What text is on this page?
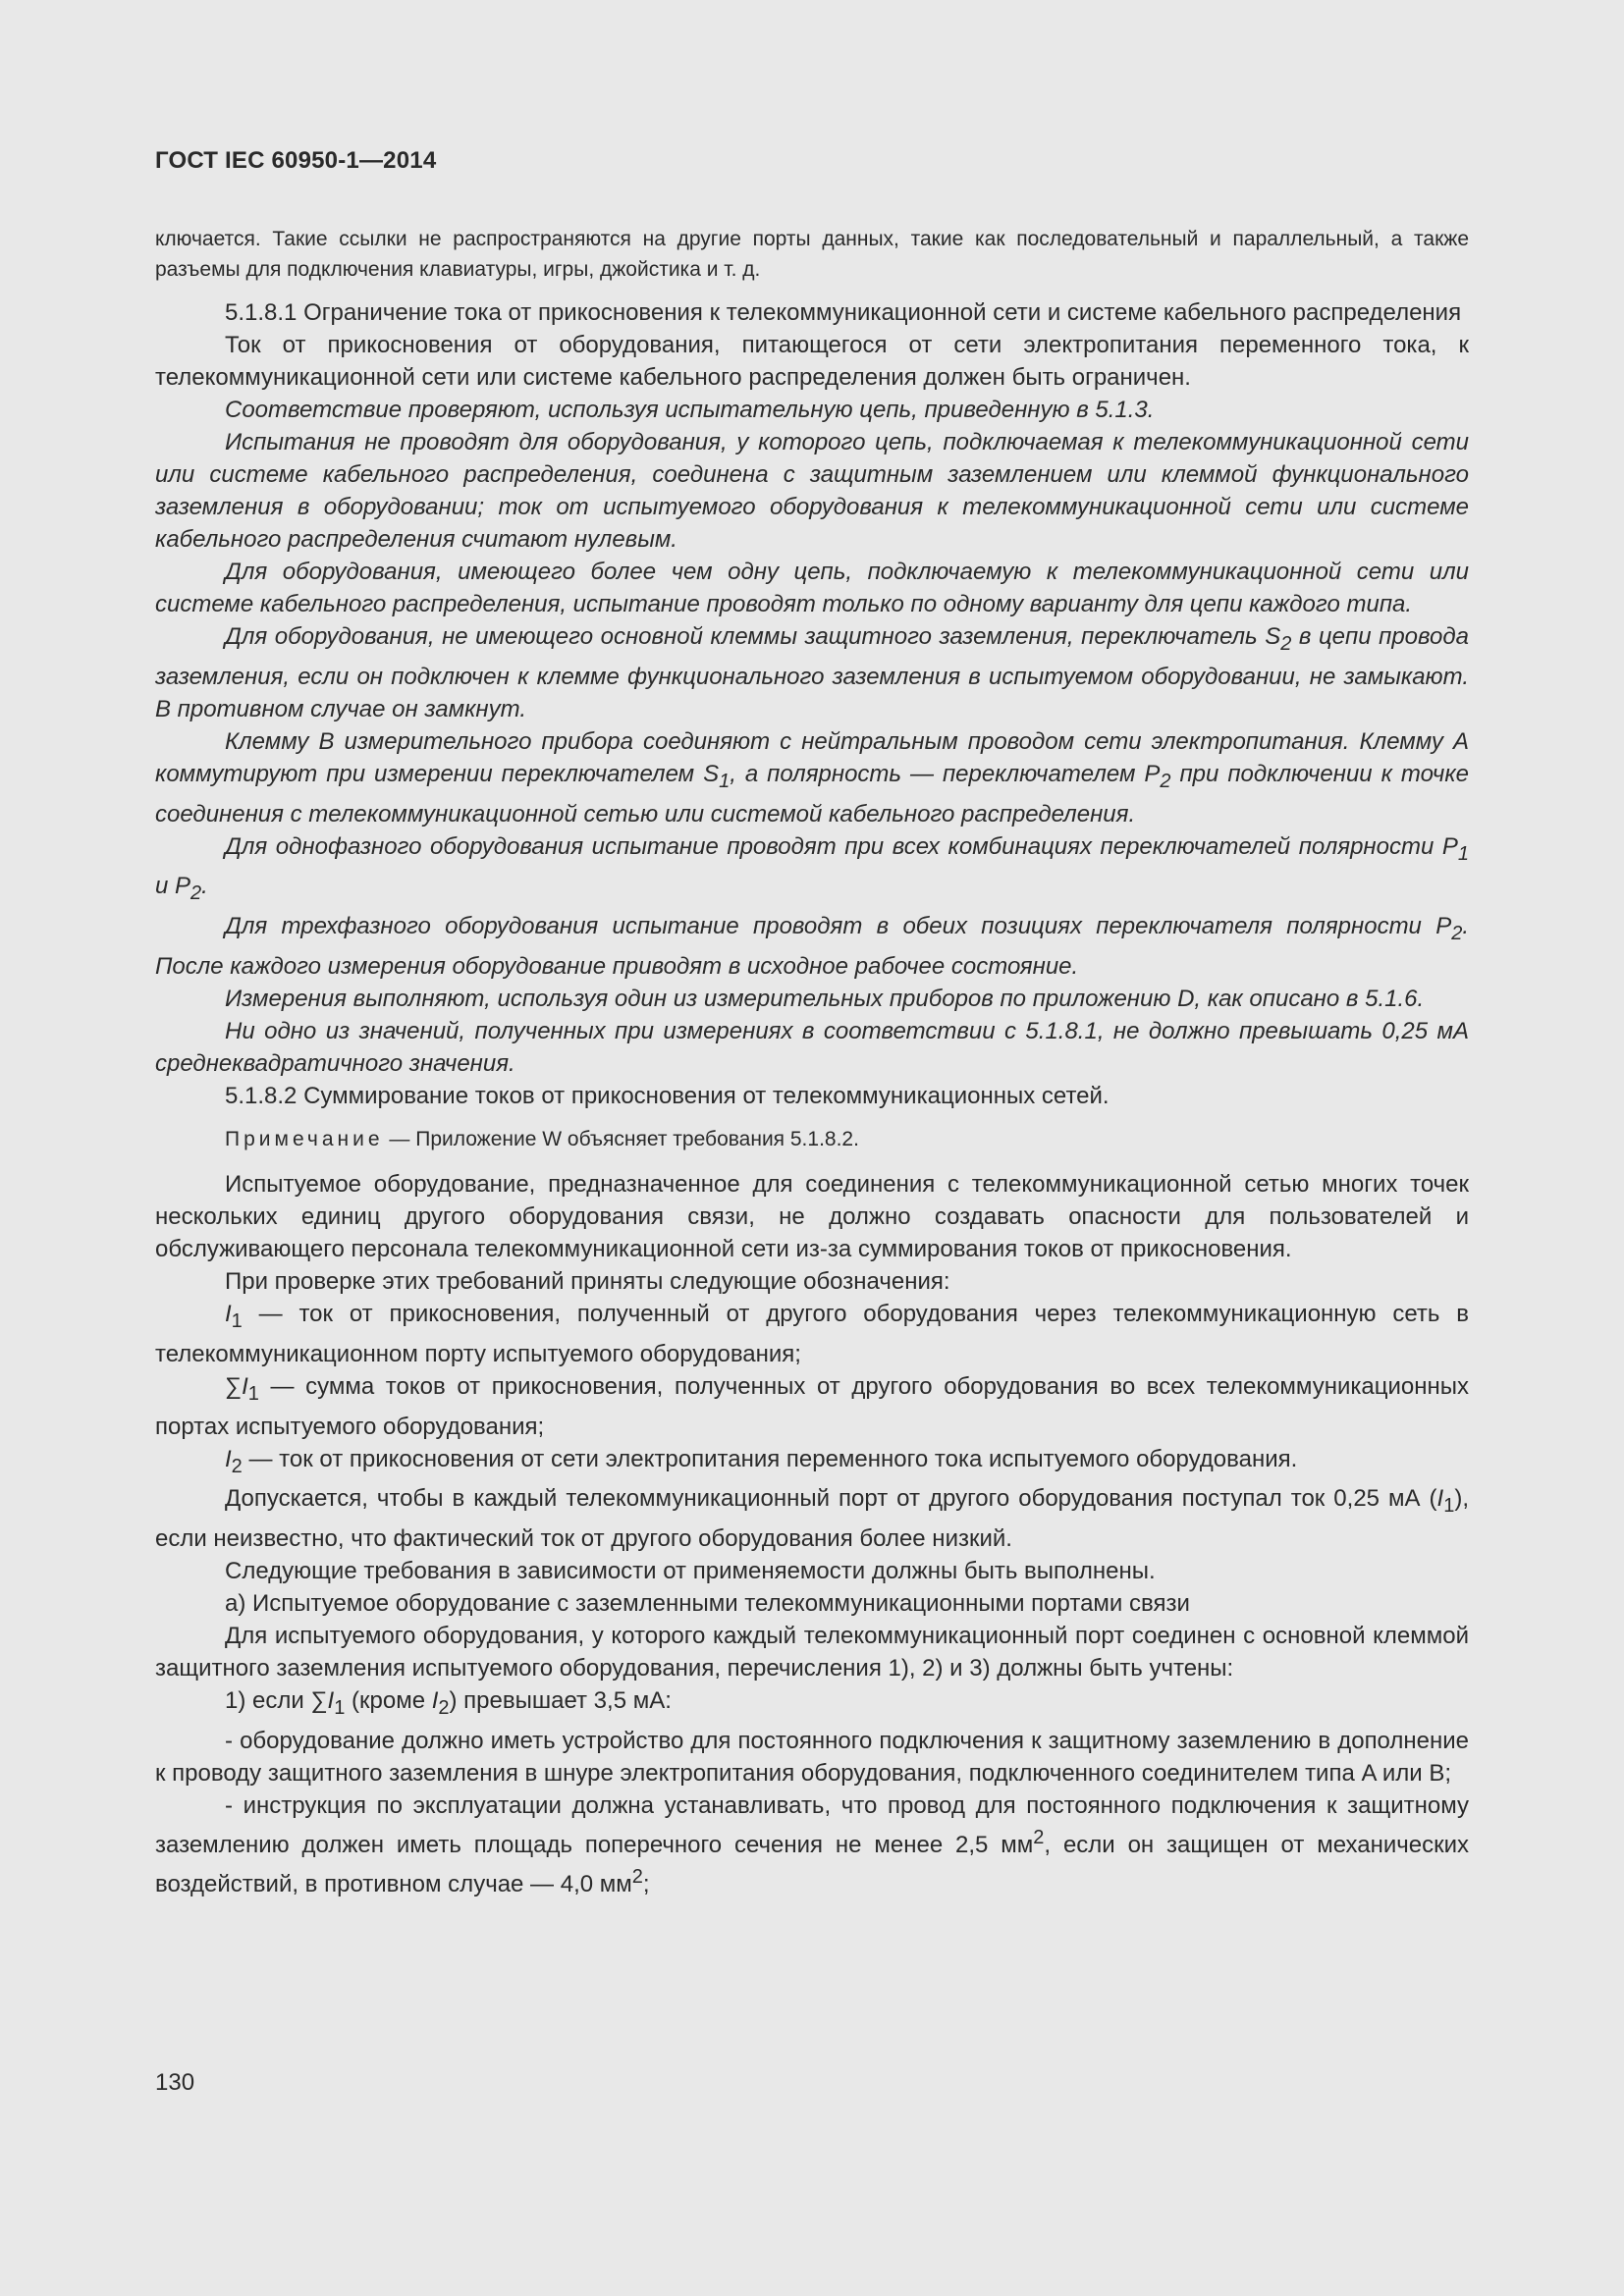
ГОСТ IEC 60950-1—2014

ключается. Такие ссылки не распространяются на другие порты данных, такие как последовательный и параллельный, а также разъемы для подключения клавиатуры, игры, джойстика и т. д.

5.1.8.1 Ограничение тока от прикосновения к телекоммуникационной сети и системе кабельного распределения

Ток от прикосновения от оборудования, питающегося от сети электропитания переменного тока, к телекоммуникационной сети или системе кабельного распределения должен быть ограничен.

Соответствие проверяют, используя испытательную цепь, приведенную в 5.1.3.

Испытания не проводят для оборудования, у которого цепь, подключаемая к телекоммуникационной сети или системе кабельного распределения, соединена с защитным заземлением или клеммой функционального заземления в оборудовании; ток от испытуемого оборудования к телекоммуникационной сети или системе кабельного распределения считают нулевым.

Для оборудования, имеющего более чем одну цепь, подключаемую к телекоммуникационной сети или системе кабельного распределения, испытание проводят только по одному варианту для цепи каждого типа.

Для оборудования, не имеющего основной клеммы защитного заземления, переключатель $S_2$ в цепи провода заземления, если он подключен к клемме функционального заземления в испытуемом оборудовании, не замыкают. В противном случае он замкнут.

Клемму B измерительного прибора соединяют с нейтральным проводом сети электропитания. Клемму A коммутируют при измерении переключателем $S_1$, а полярность — переключателем $P_2$ при подключении к точке соединения с телекоммуникационной сетью или системой кабельного распределения.

Для однофазного оборудования испытание проводят при всех комбинациях переключателей полярности $P_1$ и $P_2$.

Для трехфазного оборудования испытание проводят в обеих позициях переключателя полярности $P_2$. После каждого измерения оборудование приводят в исходное рабочее состояние.

Измерения выполняют, используя один из измерительных приборов по приложению D, как описано в 5.1.6.

Ни одно из значений, полученных при измерениях в соответствии с 5.1.8.1, не должно превышать 0,25 мА среднеквадратичного значения.

5.1.8.2 Суммирование токов от прикосновения от телекоммуникационных сетей.

Примечание — Приложение W объясняет требования 5.1.8.2.

Испытуемое оборудование, предназначенное для соединения с телекоммуникационной сетью многих точек нескольких единиц другого оборудования связи, не должно создавать опасности для пользователей и обслуживающего персонала телекоммуникационной сети из-за суммирования токов от прикосновения.

При проверке этих требований приняты следующие обозначения:

$I_1$ — ток от прикосновения, полученный от другого оборудования через телекоммуникационную сеть в телекоммуникационном порту испытуемого оборудования;

$\sum I_1$ — сумма токов от прикосновения, полученных от другого оборудования во всех телекоммуникационных портах испытуемого оборудования;

$I_2$ — ток от прикосновения от сети электропитания переменного тока испытуемого оборудования.

Допускается, чтобы в каждый телекоммуникационный порт от другого оборудования поступал ток 0,25 мА $(I_1)$, если неизвестно, что фактический ток от другого оборудования более низкий.

Следующие требования в зависимости от применяемости должны быть выполнены.

a) Испытуемое оборудование с заземленными телекоммуникационными портами связи

Для испытуемого оборудования, у которого каждый телекоммуникационный порт соединен с основной клеммой защитного заземления испытуемого оборудования, перечисления 1), 2) и 3) должны быть учтены:

1) если $\sum I_1$ (кроме $I_2$) превышает 3,5 мА:

- оборудование должно иметь устройство для постоянного подключения к защитному заземлению в дополнение к проводу защитного заземления в шнуре электропитания оборудования, подключенного соединителем типа A или B;

- инструкция по эксплуатации должна устанавливать, что провод для постоянного подключения к защитному заземлению должен иметь площадь поперечного сечения не менее 2,5 $мм^2$, если он защищен от механических воздействий, в противном случае — 4,0 $мм^2$;

130
